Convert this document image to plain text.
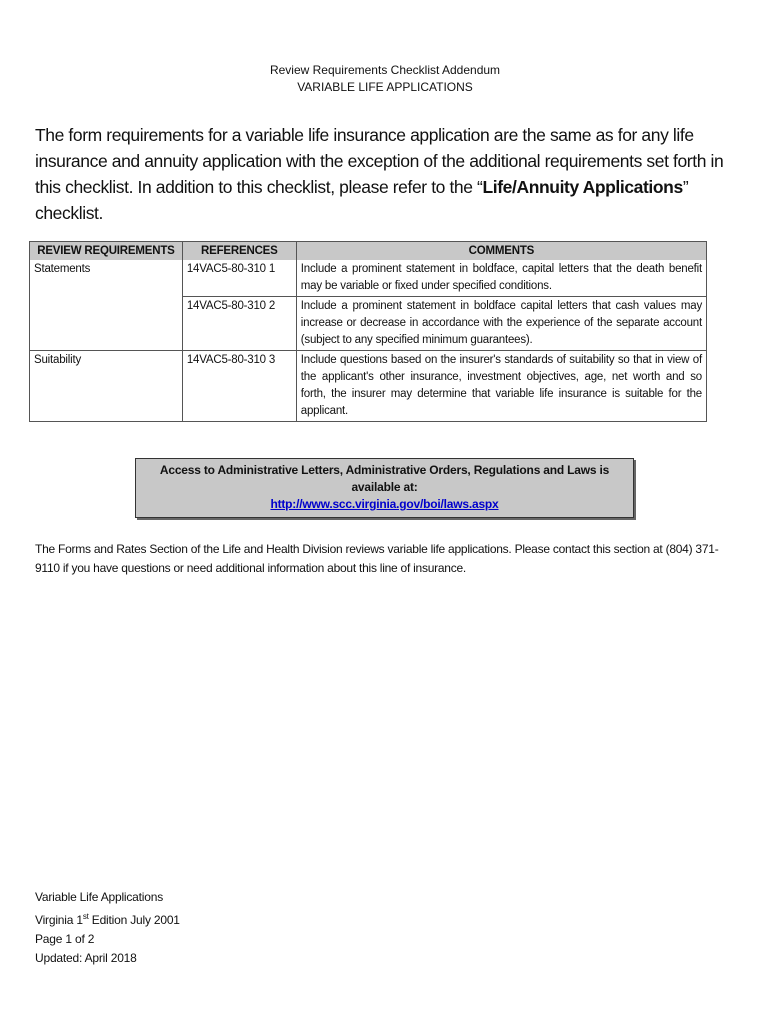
Review Requirements Checklist Addendum
VARIABLE LIFE APPLICATIONS
The form requirements for a variable life insurance application are the same as for any life insurance and annuity application with the exception of the additional requirements set forth in this checklist. In addition to this checklist, please refer to the “Life/Annuity Applications” checklist.
REVIEW REQUIREMENTS	REFERENCES	COMMENTS
Statements	14VAC5-80-310 1	Include a prominent statement in boldface, capital letters that the death benefit may be variable or fixed under specified conditions.
	14VAC5-80-310 2	Include a prominent statement in boldface capital letters that cash values may increase or decrease in accordance with the experience of the separate account (subject to any specified minimum guarantees).
Suitability	14VAC5-80-310 3	Include questions based on the insurer's standards of suitability so that in view of the applicant's other insurance, investment objectives, age, net worth and so forth, the insurer may determine that variable life insurance is suitable for the applicant.
Access to Administrative Letters, Administrative Orders, Regulations and Laws is available at:
http://www.scc.virginia.gov/boi/laws.aspx
The Forms and Rates Section of the Life and Health Division reviews variable life applications. Please contact this section at (804) 371-9110 if you have questions or need additional information about this line of insurance.
Variable Life Applications
Virginia 1st Edition July 2001
Page 1 of 2
Updated: April 2018
